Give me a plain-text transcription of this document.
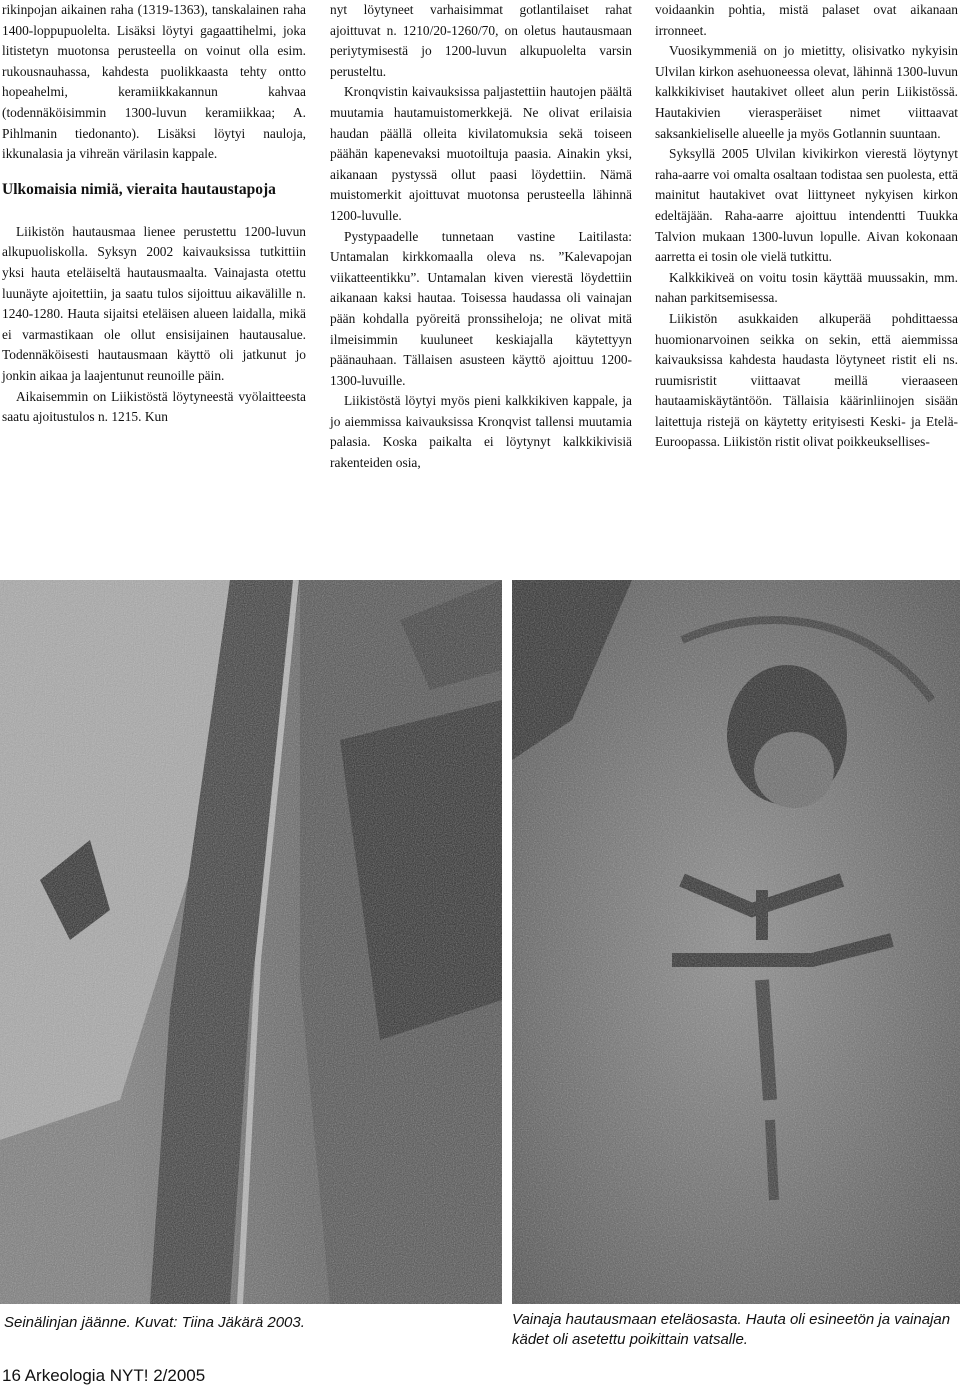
rikinpojan aikainen raha (1319-1363), tanskalainen raha 1400-loppupuolelta. Lisäksi löytyi gagaattihelmi, joka litistetyn muotonsa perusteella on voinut olla esim. rukousnauhassa, kahdesta puolikkaasta tehty ontto hopeahelmi, keramiikkakannun kahvaa (todennäköisimmin 1300-luvun keramiikkaa; A. Pihlmanin tiedonanto). Lisäksi löytyi nauloja, ikkunalasia ja vihreän värilasin kappale.

Ulkomaisia nimiä, vieraita hautaustapoja

Liikistön hautausmaa lienee perustettu 1200-luvun alkupuoliskolla. Syksyn 2002 kaivauksissa tutkittiin yksi hauta eteläiseltä hautausmaalta. Vainajasta otettu luunäyte ajoitettiin, ja saatu tulos sijoittuu aikavälille n. 1240-1280. Hauta sijaitsi eteläisen alueen laidalla, mikä ei varmastikaan ole ollut ensisijainen hautausalue. Todennäköisesti hautausmaan käyttö oli jatkunut jo jonkin aikaa ja laajentunut reunoille päin.

Aikaisemmin on Liikistöstä löytyneestä vyölaitteesta saatu ajoitustulos n. 1215. Kun

nyt löytyneet varhaisimmat gotlantilaiset rahat ajoittuvat n. 1210/20-1260/70, on oletus hautausmaan periytymisestä jo 1200-luvun alkupuolelta varsin perusteltu.

Kronqvistin kaivauksissa paljastettiin hautojen päältä muutamia hautamuistomerkkejä. Ne olivat erilaisia haudan päällä olleita kivilatomuksia sekä toiseen päähän kapenevaksi muotoiltuja paasia. Ainakin yksi, aikanaan pystyssä ollut paasi löydettiin. Nämä muistomerkit ajoittuvat muotonsa perusteella lähinnä 1200-luvulle.

Pystypaadelle tunnetaan vastine Laitilasta: Untamalan kirkkomaalla oleva ns. ”Kalevapojan viikatteentikku”. Untamalan kiven vierestä löydettiin aikanaan kaksi hautaa. Toisessa haudassa oli vainajan pään kohdalla pyöreitä pronssiheloja; ne olivat mitä ilmeisimmin kuuluneet keskiajalla käytettyyn päänauhaan. Tällaisen asusteen käyttö ajoittuu 1200-1300-luvuille.

Liikistöstä löytyi myös pieni kalkkikiven kappale, ja jo aiemmissa kaivauksissa Kronqvist tallensi muutamia palasia. Koska paikalta ei löytynyt kalkkikivisiä rakenteiden osia,

voidaankin pohtia, mistä palaset ovat aikanaan irronneet.

Vuosikymmeniä on jo mietitty, olisivatko nykyisin Ulvilan kirkon asehuoneessa olevat, lähinnä 1300-luvun kalkkikiviset hautakivet olleet alun perin Liikistössä. Hautakivien vierasperäiset nimet viittaavat saksankieliselle alueelle ja myös Gotlannin suuntaan.

Syksyllä 2005 Ulvilan kivikirkon vierestä löytynyt raha-aarre voi omalta osaltaan todistaa sen puolesta, että mainitut hautakivet ovat liittyneet nykyisen kirkon edeltäjään. Raha-aarre ajoittuu intendentti Tuukka Talvion mukaan 1300-luvun lopulle. Aivan kokonaan aarretta ei tosin ole vielä tutkittu.

Kalkkikiveä on voitu tosin käyttää muussakin, mm. nahan parkitsemisessa.

Liikistön asukkaiden alkuperää pohdittaessa huomionarvoinen seikka on sekin, että aiemmissa kaivauksissa kahdesta haudasta löytyneet ristit eli ns. ruumisristit viittaavat meillä vieraaseen hautaamiskäytäntöön. Tällaisia käärinliinojen sisään laitettuja ristejä on käytetty erityisesti Keski- ja Etelä-Euroopassa. Liikistön ristit olivat poikkeuksellises-

Seinälinjan jäänne. Kuvat: Tiina Jäkärä 2003.	Vainaja hautausmaan eteläosasta. Hauta oli esineetön ja vainajan kädet oli asetettu poikittain vatsalle.
16 Arkeologia NYT! 2/2005
